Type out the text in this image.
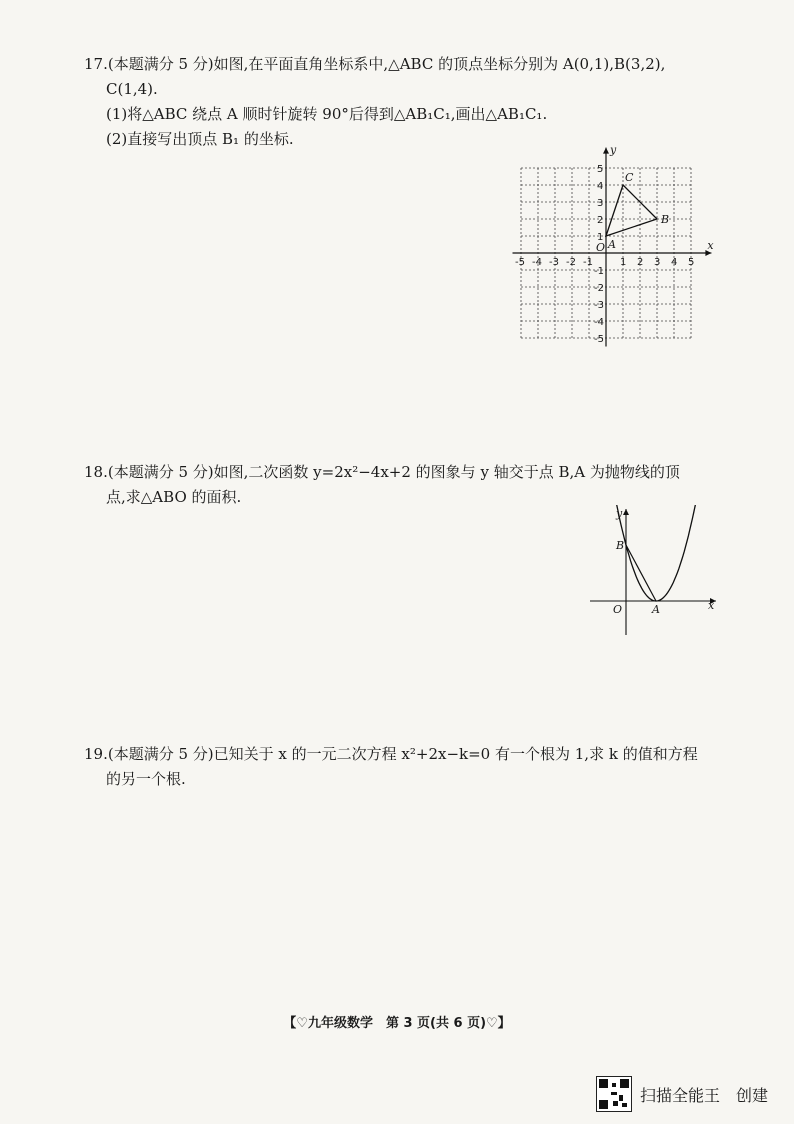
17.(本题满分 5 分)如图,在平面直角坐标系中,△ABC 的顶点坐标分别为 A(0,1),B(3,2),

C(1,4).

(1)将△ABC 绕点 A 顺时针旋转 90°后得到△AB₁C₁,画出△AB₁C₁.

(2)直接写出顶点 B₁ 的坐标.

x
y
O
-5 -4 -3 -2 -1	1 2 3 4 5
5
4
3
2
1
-1
-2
-3
-4
-5
A
B
C

18.(本题满分 5 分)如图,二次函数 y=2x²−4x+2 的图象与 y 轴交于点 B,A 为抛物线的顶

点,求△ABO 的面积.

x
y
O
B
A

19.(本题满分 5 分)已知关于 x 的一元二次方程 x²+2x−k=0 有一个根为 1,求 k 的值和方程

的另一个根.

【♡九年级数学　第 3 页(共 6 页)♡】
扫描全能王　创建
